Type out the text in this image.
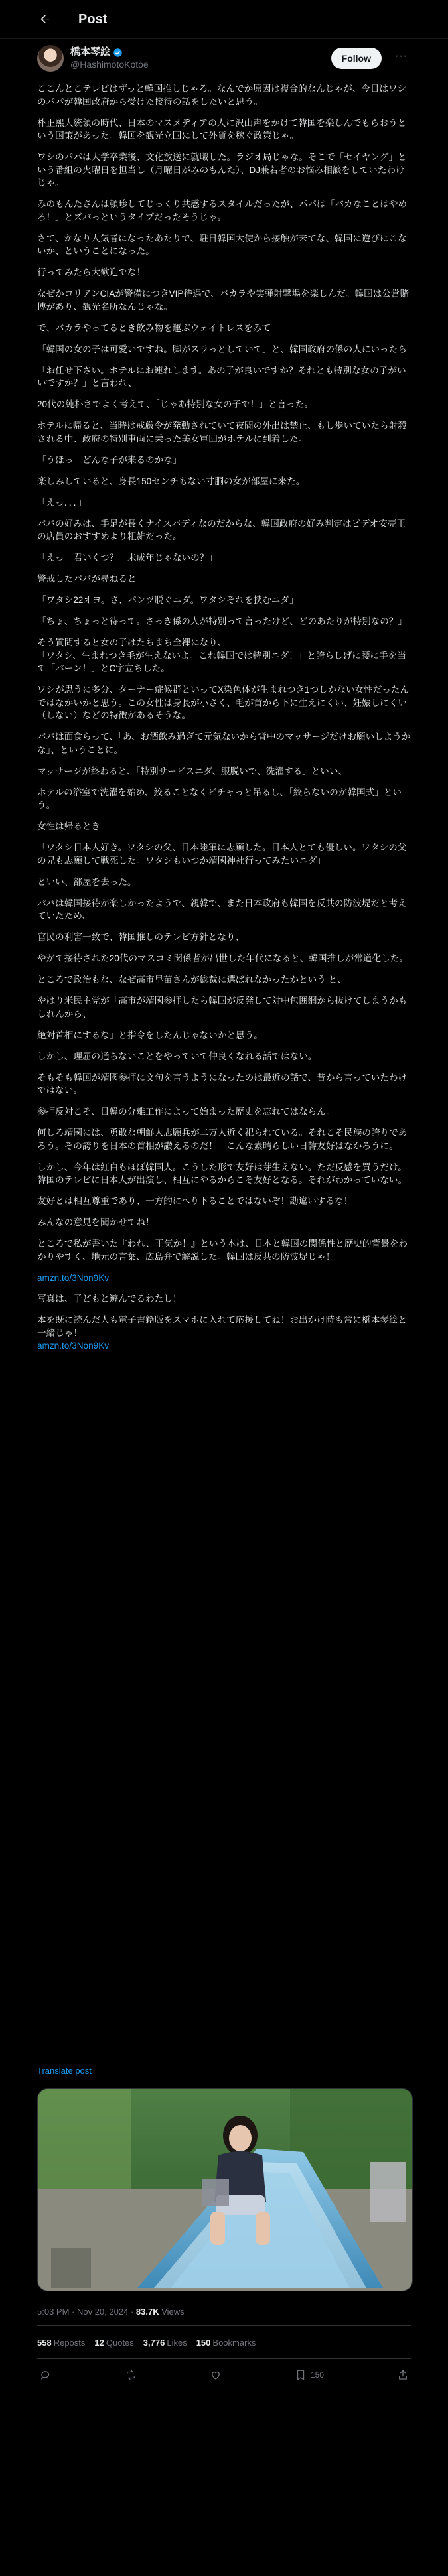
Post
橋本琴絵
@HashimotoKotoe
Follow	···

ここんとこテレビはずっと韓国推しじゃろ。なんでか原因は複合的なんじゃが、今日はワシのパパが韓国政府から受けた接待の話をしたいと思う。

朴正煕大統領の時代、日本のマスメディアの人に沢山声をかけて韓国を楽しんでもらおうという国策があった。韓国を観光立国にして外貨を稼ぐ政策じゃ。

ワシのパパは大学卒業後、文化放送に就職した。ラジオ局じゃな。そこで「セイヤング」という番組の火曜日を担当し（月曜日がみのもんた）、DJ兼若者のお悩み相談をしていたわけじゃ。

みのもんたさんは頓珍してじっくり共感するスタイルだったが、パパは「バカなことはやめろ！」とズバっというタイプだったそうじゃ。

さて、かなり人気者になったあたりで、駐日韓国大使から接触が来てな、韓国に遊びにこないか、ということになった。

行ってみたら大歓迎でな！

なぜかコリアンCIAが警備につきVIP待遇で、バカラや実弾射撃場を楽しんだ。韓国は公営賭博があり、観光名所なんじゃな。

で、バカラやってるとき飲み物を運ぶウェイトレスをみて

「韓国の女の子は可愛いですね。脚がスラっとしていて」と、韓国政府の係の人にいったら

「お任せ下さい。ホテルにお連れします。あの子が良いですか？それとも特別な女の子がいいですか？」と言われ、

20代の純朴さでよく考えて、「じゃあ特別な女の子で！」と言った。

ホテルに帰ると、当時は戒厳令が発動されていて夜間の外出は禁止、もし歩いていたら射殺される中、政府の特別車両に乗った美女軍団がホテルに到着した。

「うほっ　どんな子が来るのかな」

楽しみしていると、身長150センチもない寸胴の女が部屋に来た。

「えっ．．．」

パパの好みは、手足が長くナイスバディなのだからな、韓国政府の好み判定はビデオ安売王の店員のおすすめより粗雑だった。

「えっ　君いくつ？　未成年じゃないの？」

警戒したパパが尋ねると

「ワタシ22オヨ。さ、パンツ脱ぐニダ。ワタシそれを挟むニダ」

「ちょ、ちょっと待って。さっき係の人が特別って言ったけど、どのあたりが特別なの？」

そう質問すると女の子はたちまち全裸になり、
「ワタシ、生まれつき毛が生えないよ。これ韓国では特別ニダ！」と誇らしげに腰に手を当て「バーン！」とC字立ちした。

ワシが思うに多分、ターナー症候群といってX染色体が生まれつき1つしかない女性だったんではなかいかと思う。この女性は身長が小さく、毛が首から下に生えにくい、妊娠しにくい（しない）などの特徴があるそうな。

パパは面食らって、「あ、お酒飲み過ぎて元気ないから背中のマッサージだけお願いしようかな」、ということに。

マッサージが終わると、「特別サービスニダ、服脱いで、洗濯する」といい、

ホテルの浴室で洗濯を始め、絞ることなくビチャっと吊るし、「絞らないのが韓国式」という。

女性は帰るとき

「ワタシ日本人好き。ワタシの父、日本陸軍に志願した。日本人とても優しい。ワタシの父の兄も志願して戦死した。ワタシもいつか靖國神社行ってみたいニダ」

といい、部屋を去った。

パパは韓国接待が楽しかったようで、親韓で、また日本政府も韓国を反共の防波堤だと考えていたため、

官民の利害一致で、韓国推しのテレビ方針となり、

やがて接待された20代のマスコミ関係者が出世した年代になると、韓国推しが常道化した。

ところで政治もな、なぜ高市早苗さんが総裁に選ばれなかったかという と、

やはり米民主党が「高市が靖國参拝したら韓国が反発して対中包囲網から抜けてしまうかもしれんから、

絶対首相にするな」と指令をしたんじゃないかと思う。

しかし、理屈の通らないことをやっていて仲良くなれる話ではない。

そもそも韓国が靖國参拝に文句を言うようになったのは最近の話で、昔から言っていたわけではない。

参拝反対こそ、日韓の分離工作によって始まった歴史を忘れてはならん。

何しろ靖國には、勇敢な朝鮮人志願兵が二万人近く祀られている。それこそ民族の誇りであろう。その誇りを日本の首相が讃えるのだ！　こんな素晴らしい日韓友好はなかろうに。

しかし、今年は紅白もほぼ韓国人。こうした形で友好は芽生えない。ただ反感を買うだけ。韓国のテレビに日本人が出演し、相互にやるからこそ友好となる。それがわかっていない。

友好とは相互尊重であり、一方的にへり下ることではないぞ！勘違いするな！

みんなの意見を聞かせてね！

ところで私が書いた『われ、正気か！』という本は、日本と韓国の関係性と歴史的背景をわかりやすく、地元の言葉、広島弁で解説した。韓国は反共の防波堤じゃ！

amzn.to/3Non9Kv

写真は、子どもと遊んでるわたし！

本を既に読んだ人も電子書籍版をスマホに入れて応援してね！お出かけ時も常に橋本琴絵と一緒じゃ！

amzn.to/3Non9Kv

Translate post
5:03 PM · Nov 20, 2024 · 83.7K Views
558 Reposts 12 Quotes 3,776 Likes 150 Bookmarks
150
